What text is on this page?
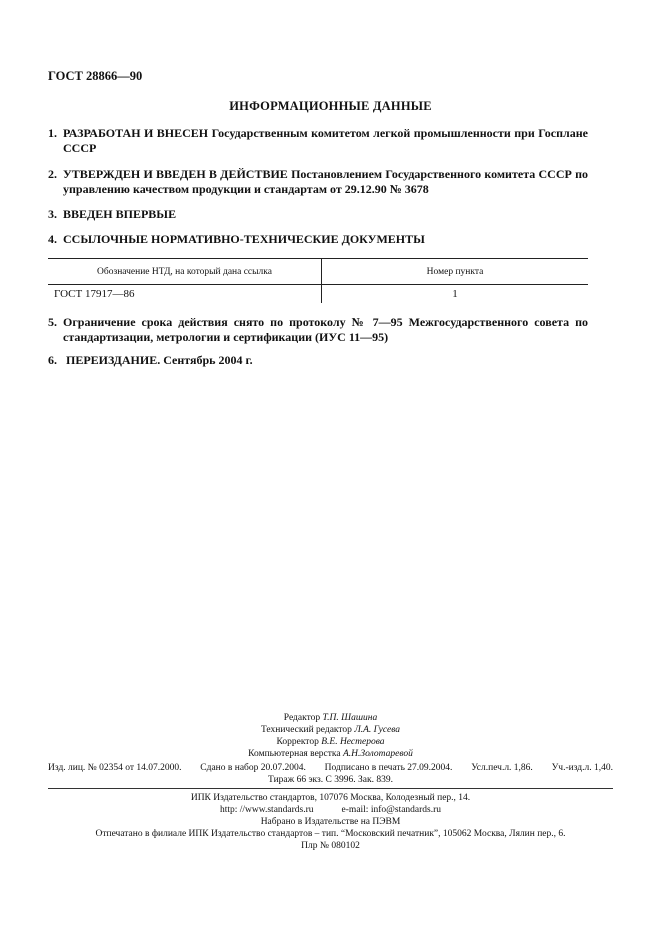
ГОСТ 28866—90
ИНФОРМАЦИОННЫЕ ДАННЫЕ
1. РАЗРАБОТАН И ВНЕСЕН Государственным комитетом легкой промышленности при Госплане СССР
2. УТВЕРЖДЕН И ВВЕДЕН В ДЕЙСТВИЕ Постановлением Государственного комитета СССР по управлению качеством продукции и стандартам от 29.12.90 № 3678
3. ВВЕДЕН ВПЕРВЫЕ
4. ССЫЛОЧНЫЕ НОРМАТИВНО-ТЕХНИЧЕСКИЕ ДОКУМЕНТЫ
Обозначение НТД, на который дана ссылка	Номер пункта
ГОСТ 17917—86	1
5. Ограничение срока действия снято по протоколу № 7—95 Межгосударственного совета по стандартизации, метрологии и сертификации (ИУС 11—95)
6. ПЕРЕИЗДАНИЕ. Сентябрь 2004 г.
Редактор Т.П. Шашина
Технический редактор Л.А. Гусева
Корректор В.Е. Нестерова
Компьютерная верстка А.Н.Золотаревой
Изд. лиц. № 02354 от 14.07.2000. Сдано в набор 20.07.2004. Подписано в печать 27.09.2004. Усл.печ.л. 1,86. Уч.-изд.л. 1,40.
Тираж 66 экз. С 3996. Зак. 839.
ИПК Издательство стандартов, 107076 Москва, Колодезный пер., 14.
http: //www.standards.ru	e-mail: info@standards.ru
Набрано в Издательстве на ПЭВМ
Отпечатано в филиале ИПК Издательство стандартов – тип. “Московский печатник”, 105062 Москва, Лялин пер., 6.
Плр № 080102
